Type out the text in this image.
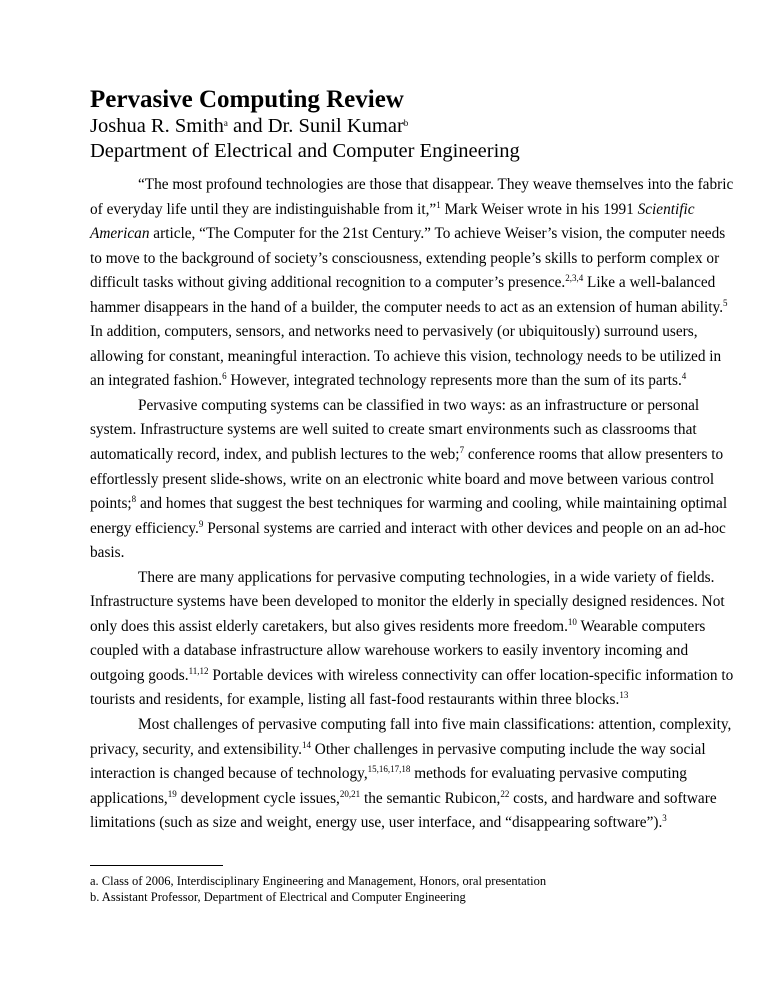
Pervasive Computing Review
Joshua R. Smith$^a$ and Dr. Sunil Kumar$^b$
Department of Electrical and Computer Engineering
“The most profound technologies are those that disappear. They weave themselves into the fabric
of everyday life until they are indistinguishable from it,”$^1$ Mark Weiser wrote in his 1991 Scientific
American article, “The Computer for the 21st Century.” To achieve Weiser’s vision, the computer needs
to move to the background of society’s consciousness, extending people’s skills to perform complex or
difficult tasks without giving additional recognition to a computer’s presence.$^{2,3,4}$ Like a well-balanced
hammer disappears in the hand of a builder, the computer needs to act as an extension of human ability.$^5$
In addition, computers, sensors, and networks need to pervasively (or ubiquitously) surround users,
allowing for constant, meaningful interaction. To achieve this vision, technology needs to be utilized in
an integrated fashion.$^6$ However, integrated technology represents more than the sum of its parts.$^4$
Pervasive computing systems can be classified in two ways: as an infrastructure or personal
system. Infrastructure systems are well suited to create smart environments such as classrooms that
automatically record, index, and publish lectures to the web;$^7$ conference rooms that allow presenters to
effortlessly present slide-shows, write on an electronic white board and move between various control
points;$^8$ and homes that suggest the best techniques for warming and cooling, while maintaining optimal
energy efficiency.$^9$ Personal systems are carried and interact with other devices and people on an ad-hoc
basis.
There are many applications for pervasive computing technologies, in a wide variety of fields.
Infrastructure systems have been developed to monitor the elderly in specially designed residences. Not
only does this assist elderly caretakers, but also gives residents more freedom.$^{10}$ Wearable computers
coupled with a database infrastructure allow warehouse workers to easily inventory incoming and
outgoing goods.$^{11,12}$ Portable devices with wireless connectivity can offer location-specific information to
tourists and residents, for example, listing all fast-food restaurants within three blocks.$^{13}$
Most challenges of pervasive computing fall into five main classifications: attention, complexity,
privacy, security, and extensibility.$^{14}$ Other challenges in pervasive computing include the way social
interaction is changed because of technology,$^{15,16,17,18}$ methods for evaluating pervasive computing
applications,$^{19}$ development cycle issues,$^{20,21}$ the semantic Rubicon,$^{22}$ costs, and hardware and software
limitations (such as size and weight, energy use, user interface, and “disappearing software”).$^3$
a. Class of 2006, Interdisciplinary Engineering and Management, Honors, oral presentation
b. Assistant Professor, Department of Electrical and Computer Engineering
